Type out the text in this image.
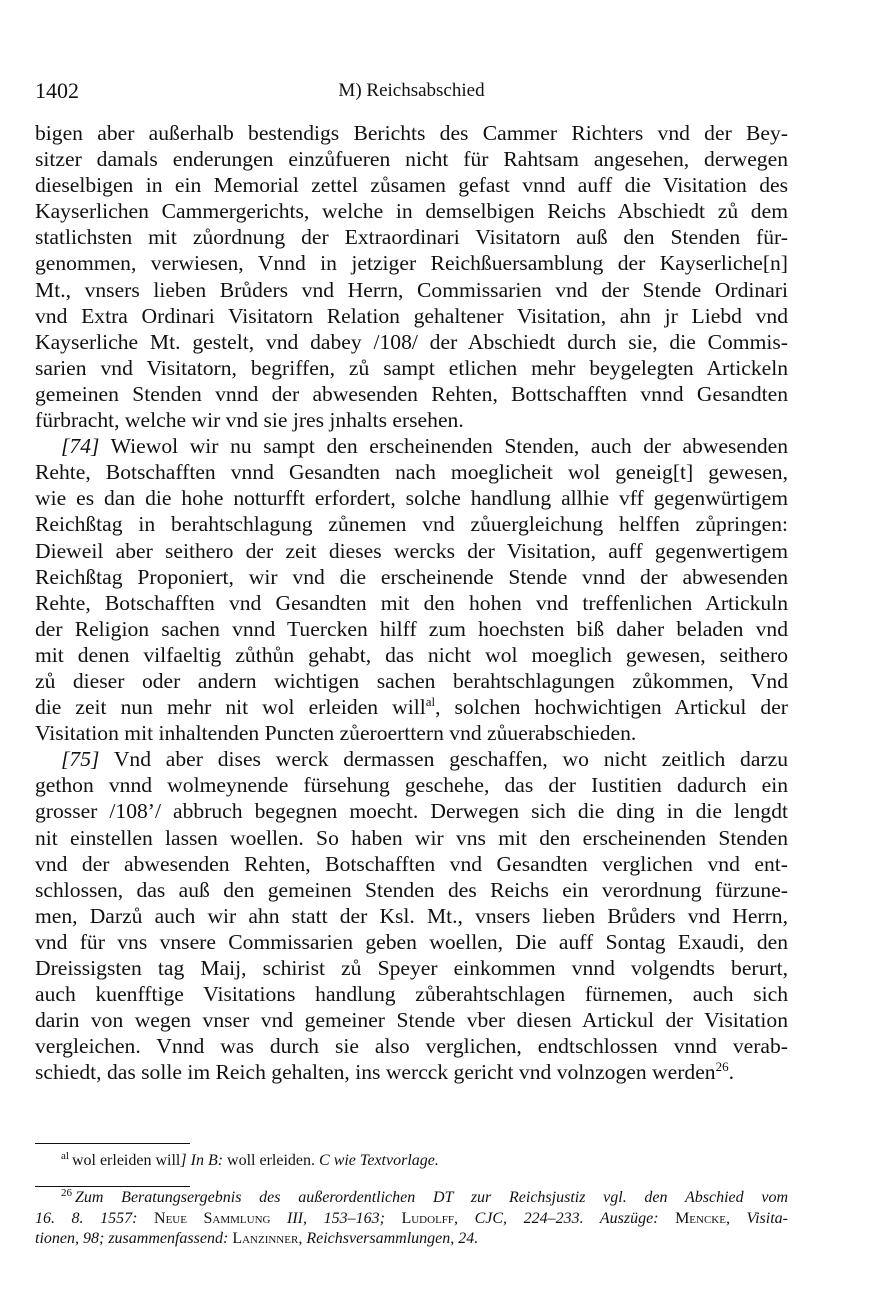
1402	M) Reichsabschied
bigen aber außerhalb bestendigs Berichts des Cammer Richters vnd der Bey-
sitzer damals enderungen einzůfueren nicht für Rahtsam angesehen, derwegen
dieselbigen in ein Memorial zettel zůsamen gefast vnnd auff die Visitation des
Kayserlichen Cammergerichts, welche in demselbigen Reichs Abschiedt zů dem
statlichsten mit zůordnung der Extraordinari Visitatorn auß den Stenden für-
genommen, verwiesen, Vnnd in jetziger Reichßuersamblung der Kayserliche[n]
Mt., vnsers lieben Brůders vnd Herrn, Commissarien vnd der Stende Ordinari
vnd Extra Ordinari Visitatorn Relation gehaltener Visitation, ahn jr Liebd vnd
Kayserliche Mt. gestelt, vnd dabey /108/ der Abschiedt durch sie, die Commis-
sarien vnd Visitatorn, begriffen, zů sampt etlichen mehr beygelegten Artickeln
gemeinen Stenden vnnd der abwesenden Rehten, Bottschafften vnnd Gesandten
fürbracht, welche wir vnd sie jres jnhalts ersehen.
[74] Wiewol wir nu sampt den erscheinenden Stenden, auch der abwesenden
Rehte, Botschafften vnnd Gesandten nach moeglicheit wol geneig[t] gewesen,
wie es dan die hohe notturfft erfordert, solche handlung allhie vff gegenwürtigem
Reichßtag in berahtschlagung zůnemen vnd zůuergleichung helffen zůpringen:
Dieweil aber seithero der zeit dieses wercks der Visitation, auff gegenwertigem
Reichßtag Proponiert, wir vnd die erscheinende Stende vnnd der abwesenden
Rehte, Botschafften vnd Gesandten mit den hohen vnd treffenlichen Artickuln
der Religion sachen vnnd Tuercken hilff zum hoechsten biß daher beladen vnd
mit denen vilfaeltig zůthůn gehabt, das nicht wol moeglich gewesen, seithero
zů dieser oder andern wichtigen sachen berahtschlagungen zůkommen, Vnd
die zeit nun mehr nit wol erleiden will$^{al}$, solchen hochwichtigen Artickul der
Visitation mit inhaltenden Puncten zůeroerttern vnd zůuerabschieden.
[75] Vnd aber dises werck dermassen geschaffen, wo nicht zeitlich darzu
gethon vnnd wolmeynende fürsehung geschehe, das der Iustitien dadurch ein
grosser /108’/ abbruch begegnen moecht. Derwegen sich die ding in die lengdt
nit einstellen lassen woellen. So haben wir vns mit den erscheinenden Stenden
vnd der abwesenden Rehten, Botschafften vnd Gesandten verglichen vnd ent-
schlossen, das auß den gemeinen Stenden des Reichs ein verordnung fürzune-
men, Darzů auch wir ahn statt der Ksl. Mt., vnsers lieben Brůders vnd Herrn,
vnd für vns vnsere Commissarien geben woellen, Die auff Sontag Exaudi, den
Dreissigsten tag Maij, schirist zů Speyer einkommen vnnd volgendts berurt,
auch kuenfftige Visitations handlung zůberahtschlagen fürnemen, auch sich
darin von wegen vnser vnd gemeiner Stende vber diesen Artickul der Visitation
vergleichen. Vnnd was durch sie also verglichen, endtschlossen vnnd verab-
schiedt, das solle im Reich gehalten, ins wercck gericht vnd volnzogen werden$^{26}$.
$^{al}$ wol erleiden will] In B: woll erleiden. C wie Textvorlage.
$^{26}$ Zum Beratungsergebnis des außerordentlichen DT zur Reichsjustiz vgl. den Abschied vom
16. 8. 1557: Neue Sammlung III, 153–163; Ludolff, CJC, 224–233. Auszüge: Mencke, Visita-
tionen, 98; zusammenfassend: Lanzinner, Reichsversammlungen, 24.
